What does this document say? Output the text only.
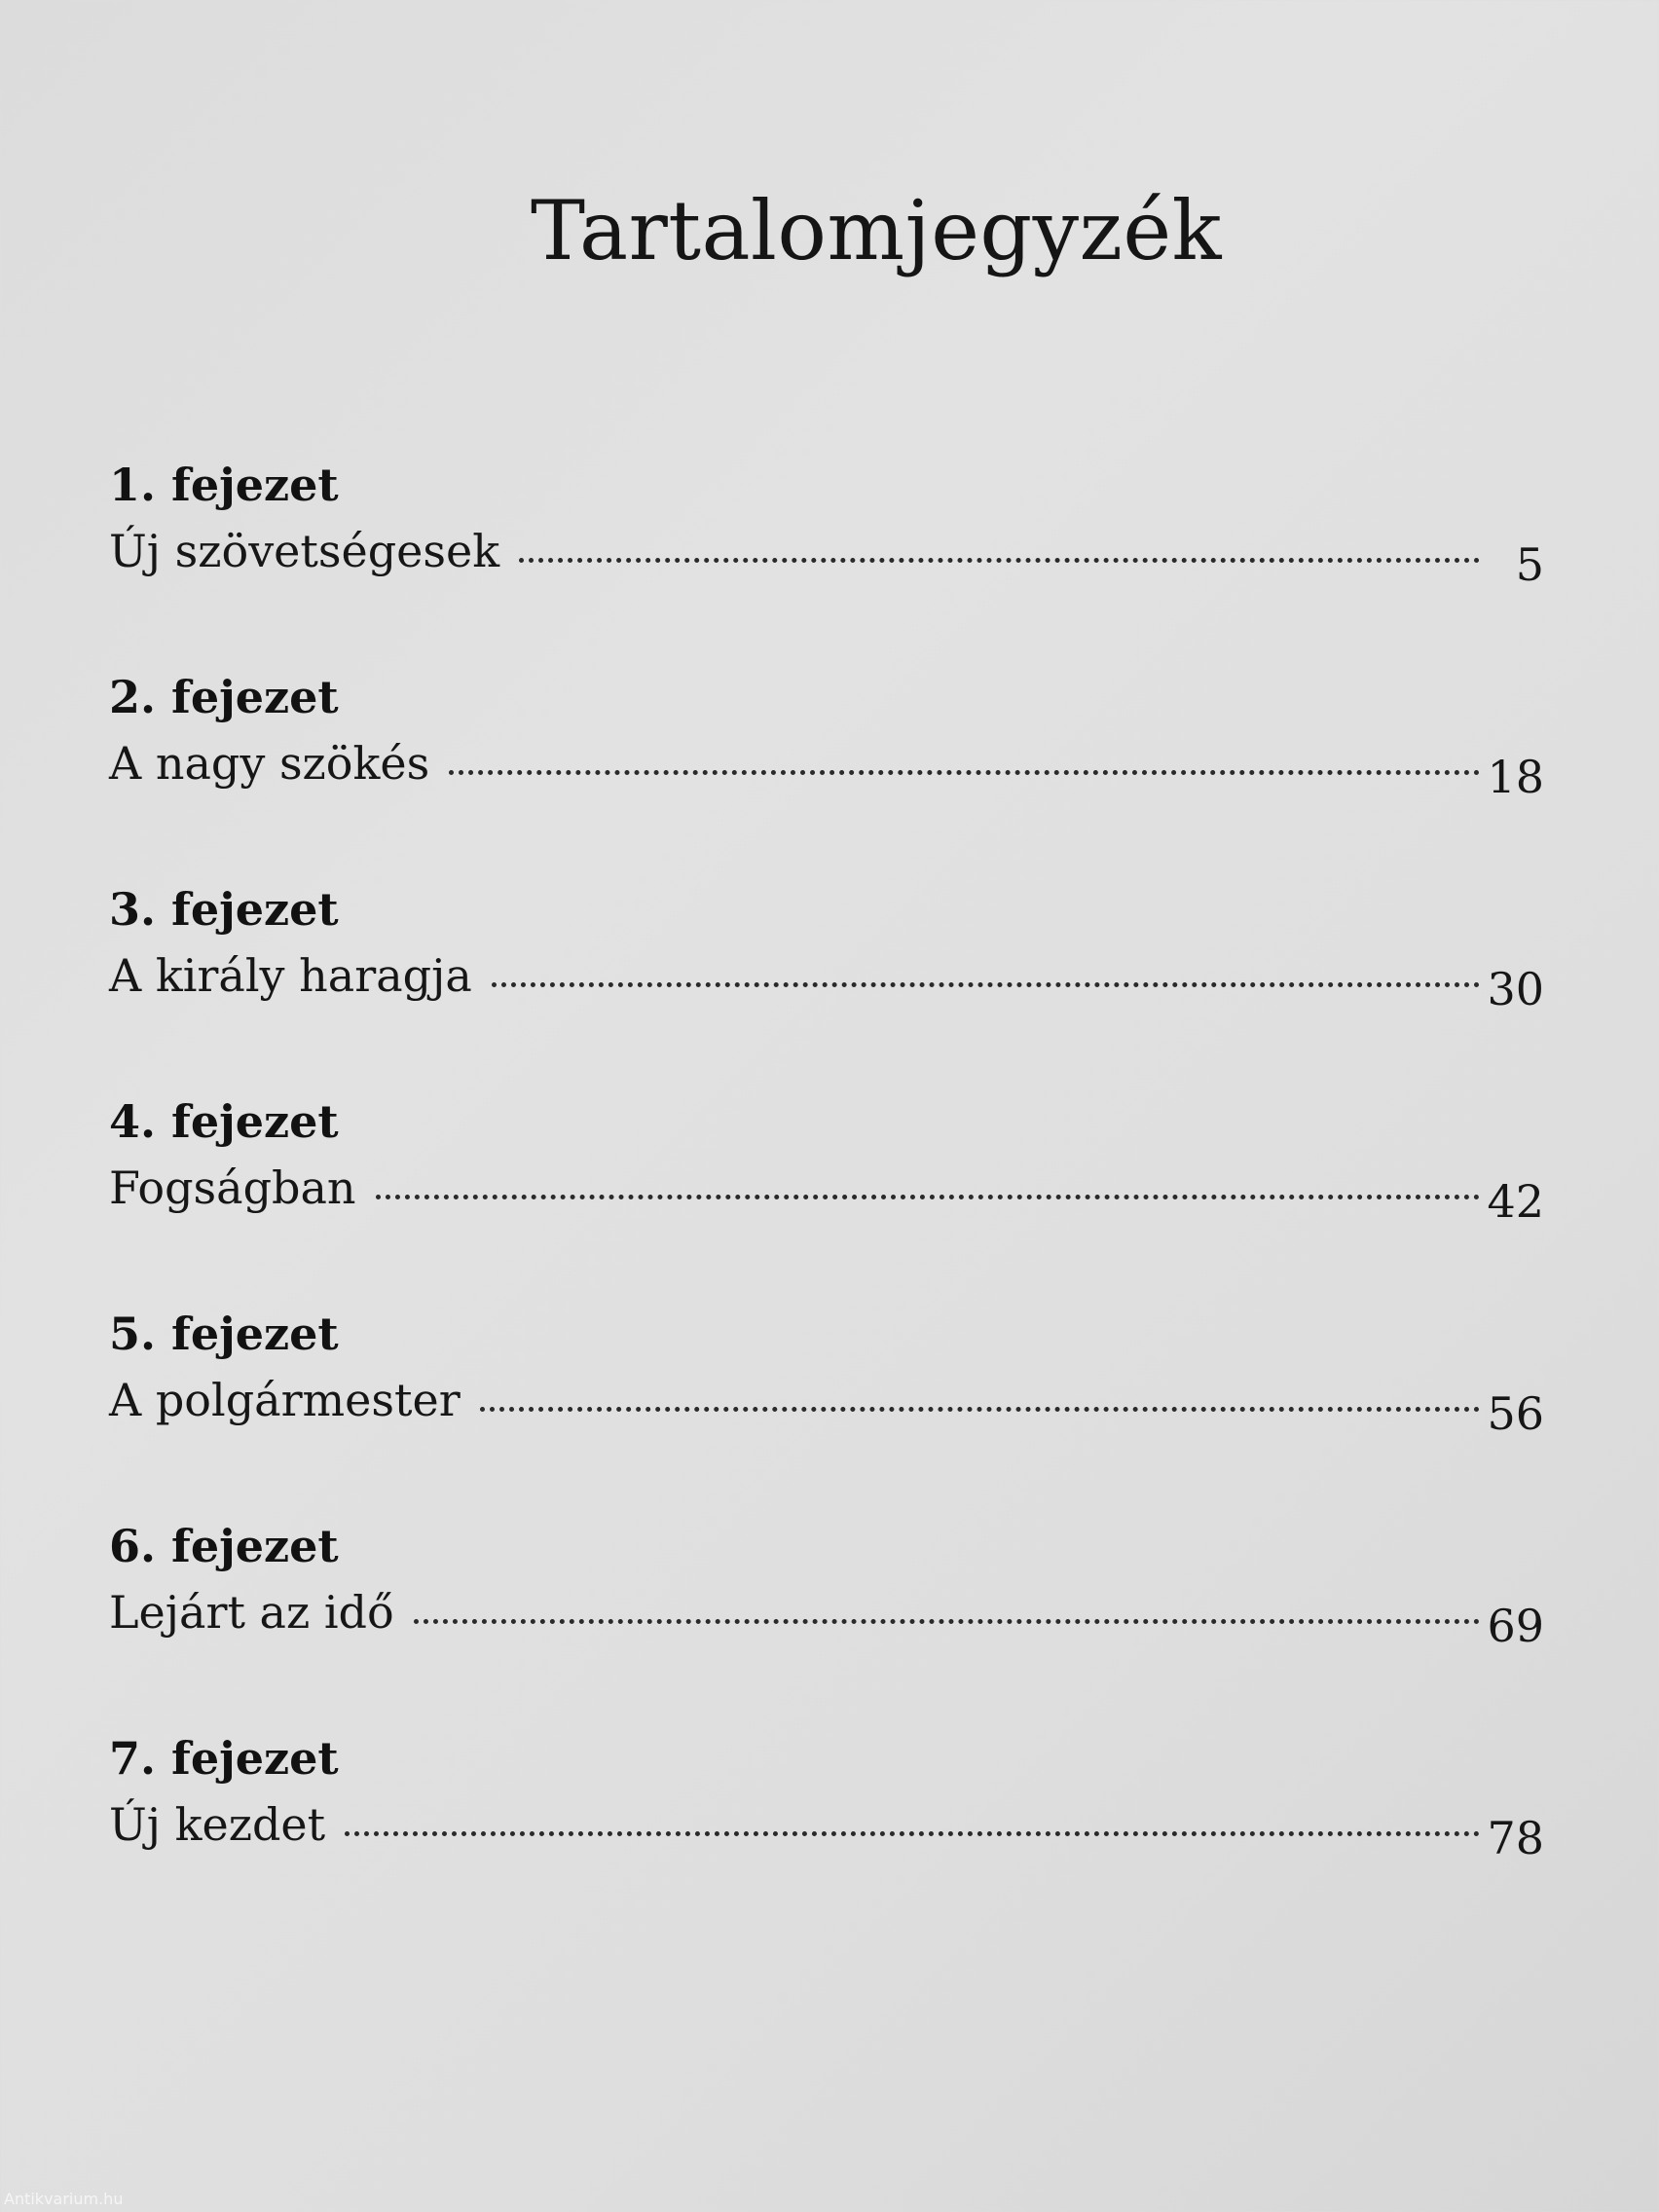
Tartalomjegyzék
1. fejezet
Új szövetségesek	5
2. fejezet
A nagy szökés	18
3. fejezet
A király haragja	30
4. fejezet
Fogságban	42
5. fejezet
A polgármester	56
6. fejezet
Lejárt az idő	69
7. fejezet
Új kezdet	78
Antikvarium.hu
